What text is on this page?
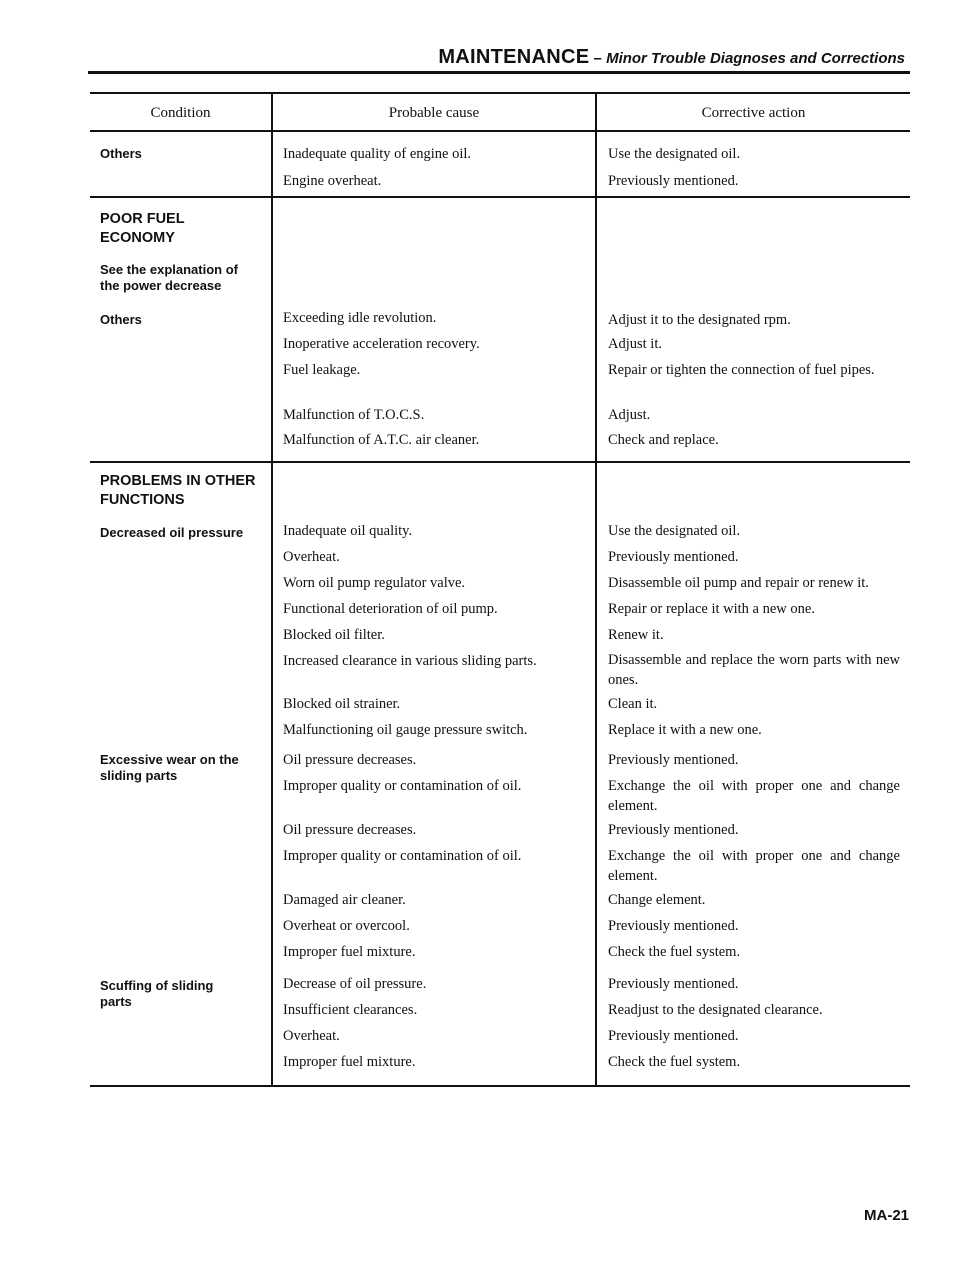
MAINTENANCE – Minor Trouble Diagnoses and Corrections
Condition	Probable cause	Corrective action
Others
POOR FUEL ECONOMY
See the explanation of the power decrease
Others
PROBLEMS IN OTHER FUNCTIONS
Decreased oil pressure
Excessive wear on the sliding parts
Scuffing of sliding parts
Inadequate quality of engine oil.
Engine overheat.
Exceeding idle revolution.
Inoperative acceleration recovery.
Fuel leakage.
Malfunction of T.O.C.S.
Malfunction of A.T.C. air cleaner.
Inadequate oil quality.
Overheat.
Worn oil pump regulator valve.
Functional deterioration of oil pump.
Blocked oil filter.
Increased clearance in various sliding parts.
Blocked oil strainer.
Malfunctioning oil gauge pressure switch.
Oil pressure decreases.
Improper quality or contamination of oil.
Oil pressure decreases.
Improper quality or contamination of oil.
Damaged air cleaner.
Overheat or overcool.
Improper fuel mixture.
Decrease of oil pressure.
Insufficient clearances.
Overheat.
Improper fuel mixture.
Use the designated oil.
Previously mentioned.
Adjust it to the designated rpm.
Adjust it.
Repair or tighten the connection of fuel pipes.
Adjust.
Check and replace.
Use the designated oil.
Previously mentioned.
Disassemble oil pump and repair or renew it.
Repair or replace it with a new one.
Renew it.
Disassemble and replace the worn parts with new ones.
Clean it.
Replace it with a new one.
Previously mentioned.
Exchange the oil with proper one and change element.
Previously mentioned.
Exchange the oil with proper one and change element.
Change element.
Previously mentioned.
Check the fuel system.
Previously mentioned.
Readjust to the designated clearance.
Previously mentioned.
Check the fuel system.
MA-21
